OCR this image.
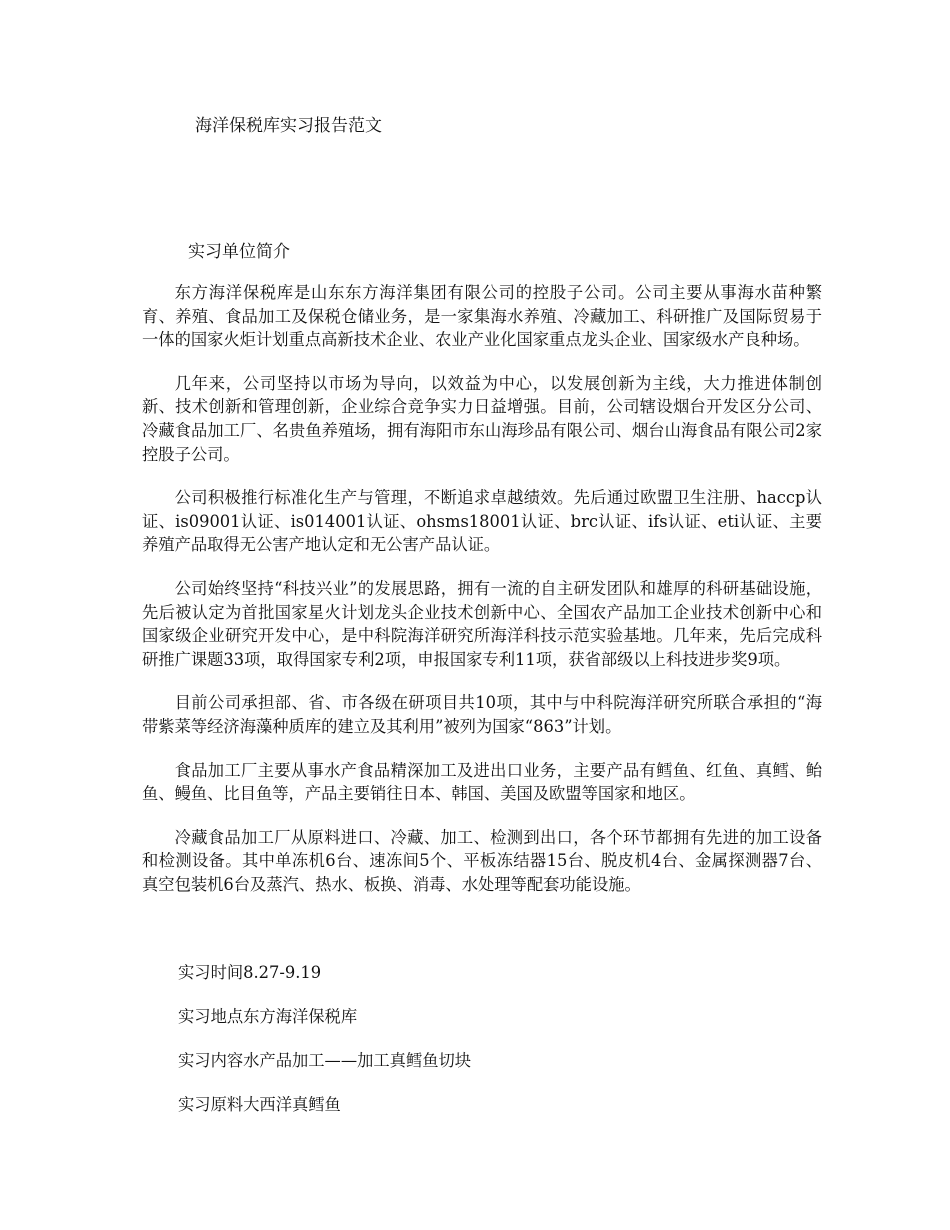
海洋保税库实习报告范文
实习单位简介

东方海洋保税库是山东东方海洋集团有限公司的控股子公司。公司主要从事海水苗种繁育、养殖、食品加工及保税仓储业务，是一家集海水养殖、冷藏加工、科研推广及国际贸易于一体的国家火炬计划重点高新技术企业、农业产业化国家重点龙头企业、国家级水产良种场。

几年来，公司坚持以市场为导向，以效益为中心，以发展创新为主线，大力推进体制创新、技术创新和管理创新，企业综合竞争实力日益增强。目前，公司辖设烟台开发区分公司、冷藏食品加工厂、名贵鱼养殖场，拥有海阳市东山海珍品有限公司、烟台山海食品有限公司2家控股子公司。

公司积极推行标准化生产与管理，不断追求卓越绩效。先后通过欧盟卫生注册、haccp认证、is09001认证、is014001认证、ohsms18001认证、brc认证、ifs认证、eti认证、主要养殖产品取得无公害产地认定和无公害产品认证。

公司始终坚持“科技兴业”的发展思路，拥有一流的自主研发团队和雄厚的科研基础设施，先后被认定为首批国家星火计划龙头企业技术创新中心、全国农产品加工企业技术创新中心和国家级企业研究开发中心，是中科院海洋研究所海洋科技示范实验基地。几年来，先后完成科研推广课题33项，取得国家专利2项，申报国家专利11项，获省部级以上科技进步奖9项。

目前公司承担部、省、市各级在研项目共10项，其中与中科院海洋研究所联合承担的“海带紫菜等经济海藻种质库的建立及其利用”被列为国家“863”计划。

食品加工厂主要从事水产食品精深加工及进出口业务，主要产品有鳕鱼、红鱼、真鳕、鲐鱼、鳗鱼、比目鱼等，产品主要销往日本、韩国、美国及欧盟等国家和地区。

冷藏食品加工厂从原料进口、冷藏、加工、检测到出口，各个环节都拥有先进的加工设备和检测设备。其中单冻机6台、速冻间5个、平板冻结器15台、脱皮机4台、金属探测器7台、真空包装机6台及蒸汽、热水、板换、消毒、水处理等配套功能设施。

实习时间8.27-9.19

实习地点东方海洋保税库

实习内容水产品加工——加工真鳕鱼切块

实习原料大西洋真鳕鱼
